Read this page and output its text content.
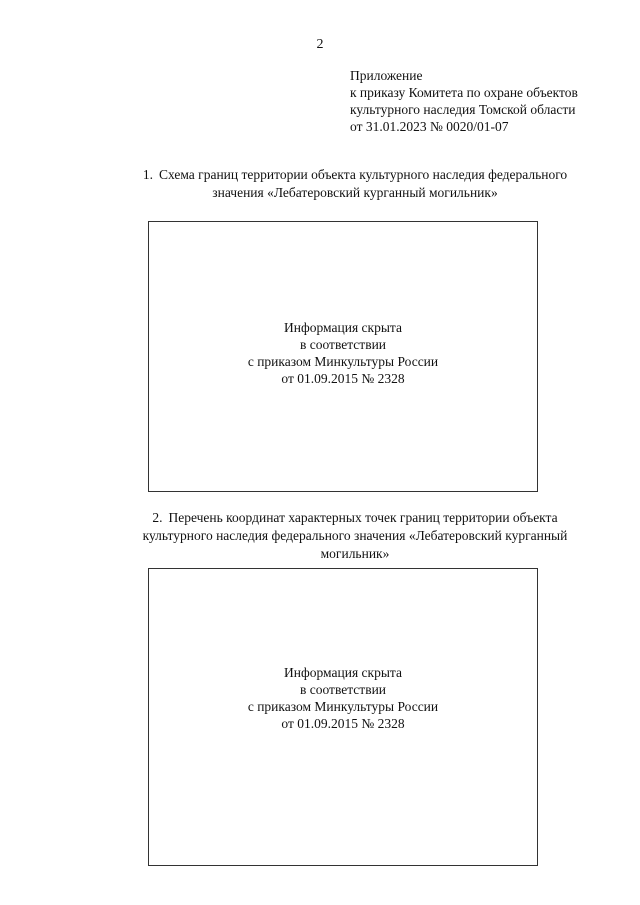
2
Приложение
к приказу Комитета по охране объектов
культурного наследия Томской области
от 31.01.2023 № 0020/01-07
1. Схема границ территории объекта культурного наследия федерального
значения «Лебатеровский курганный могильник»
Информация скрыта
в соответствии
с приказом Минкультуры России
от 01.09.2015 № 2328
2. Перечень координат характерных точек границ территории объекта
культурного наследия федерального значения «Лебатеровский курганный
могильник»
Информация скрыта
в соответствии
с приказом Минкультуры России
от 01.09.2015 № 2328
